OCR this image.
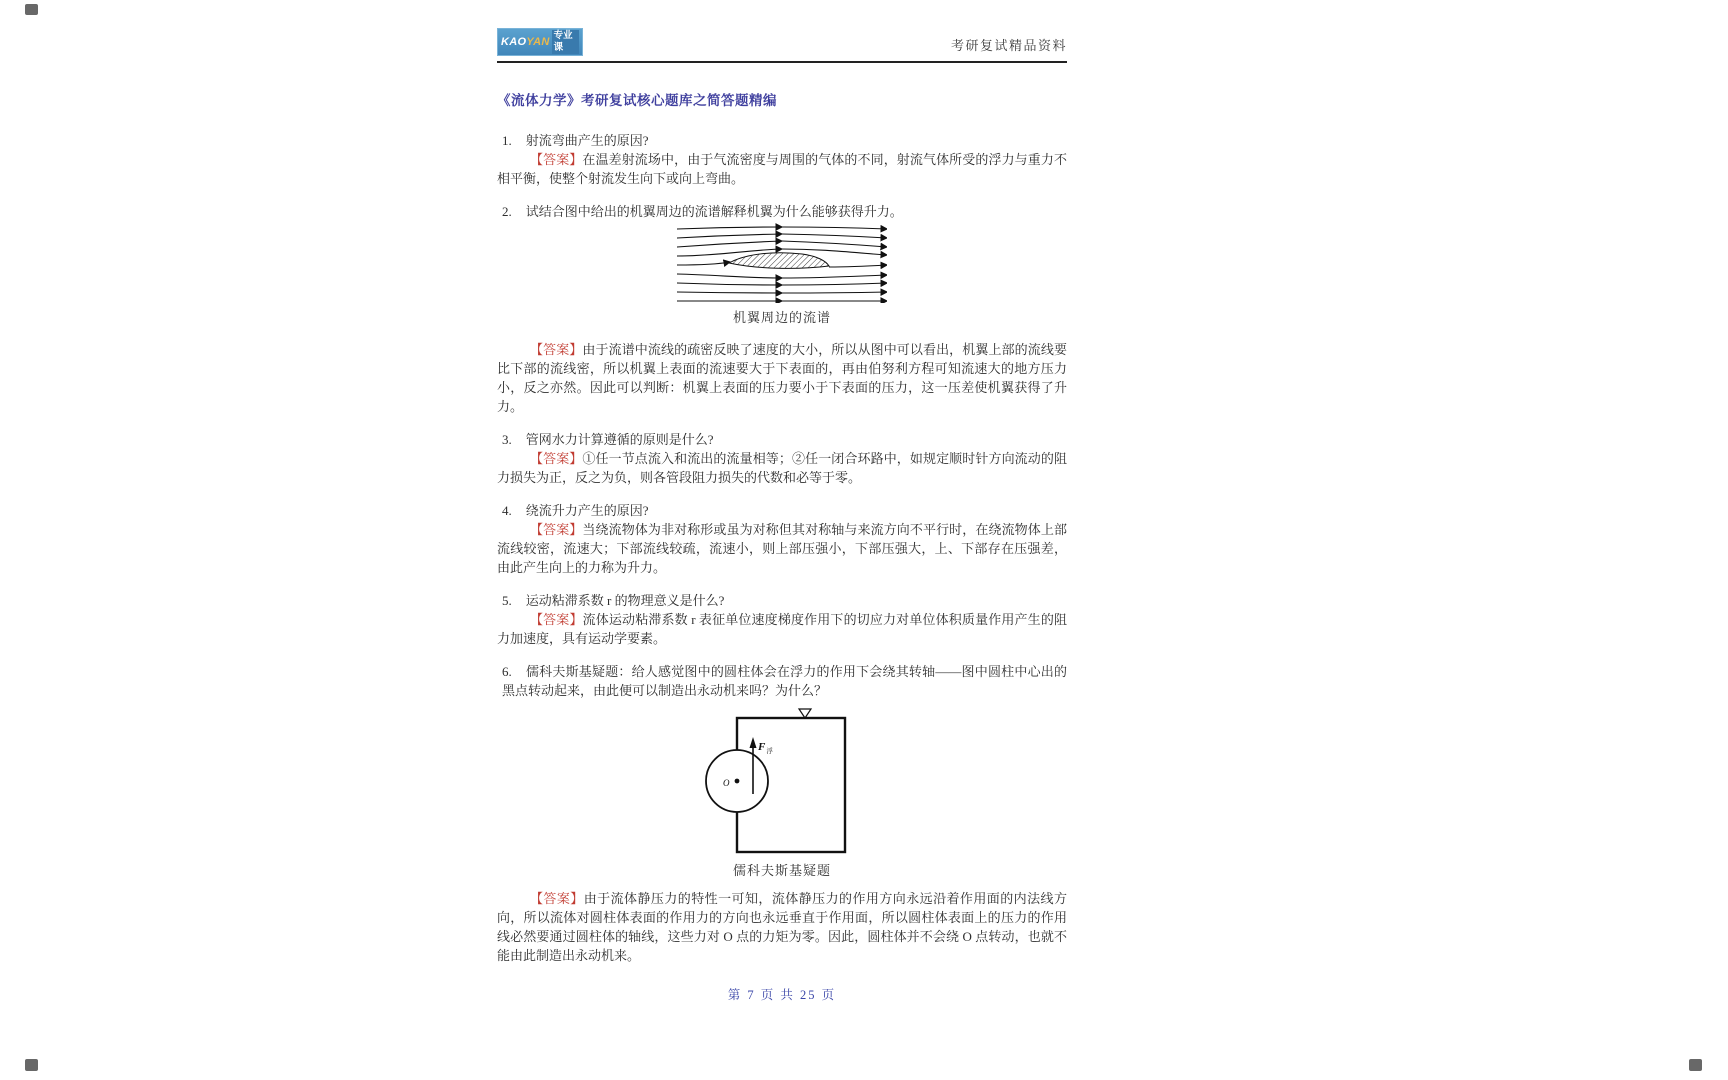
KAO YAN 专业课	考研复试精品资料
《流体力学》考研复试核心题库之简答题精编

1. 射流弯曲产生的原因?

【答案】在温差射流场中，由于气流密度与周围的气体的不同，射流气体所受的浮力与重力不相平衡，使整个射流发生向下或向上弯曲。

2. 试结合图中给出的机翼周边的流谱解释机翼为什么能够获得升力。

机翼周边的流谱

【答案】由于流谱中流线的疏密反映了速度的大小，所以从图中可以看出，机翼上部的流线要比下部的流线密，所以机翼上表面的流速要大于下表面的，再由伯努利方程可知流速大的地方压力小，反之亦然。因此可以判断：机翼上表面的压力要小于下表面的压力，这一压差使机翼获得了升力。

3. 管网水力计算遵循的原则是什么?

【答案】①任一节点流入和流出的流量相等；②任一闭合环路中，如规定顺时针方向流动的阻力损失为正，反之为负，则各管段阻力损失的代数和必等于零。

4. 绕流升力产生的原因?

【答案】当绕流物体为非对称形或虽为对称但其对称轴与来流方向不平行时，在绕流物体上部流线较密，流速大；下部流线较疏，流速小，则上部压强小，下部压强大，上、下部存在压强差，由此产生向上的力称为升力。

5. 运动粘滞系数 r 的物理意义是什么?

【答案】流体运动粘滞系数 r 表征单位速度梯度作用下的切应力对单位体积质量作用产生的阻力加速度，具有运动学要素。

6. 儒科夫斯基疑题：给人感觉图中的圆柱体会在浮力的作用下会绕其转轴——图中圆柱中心出的黑点转动起来，由此便可以制造出永动机来吗？为什么？

O
$F_浮$
儒科夫斯基疑题

【答案】由于流体静压力的特性一可知，流体静压力的作用方向永远沿着作用面的内法线方向，所以流体对圆柱体表面的作用力的方向也永远垂直于作用面，所以圆柱体表面上的压力的作用线必然要通过圆柱体的轴线，这些力对 O 点的力矩为零。因此，圆柱体并不会绕 O 点转动，也就不能由此制造出永动机来。

第 7 页 共 25 页
